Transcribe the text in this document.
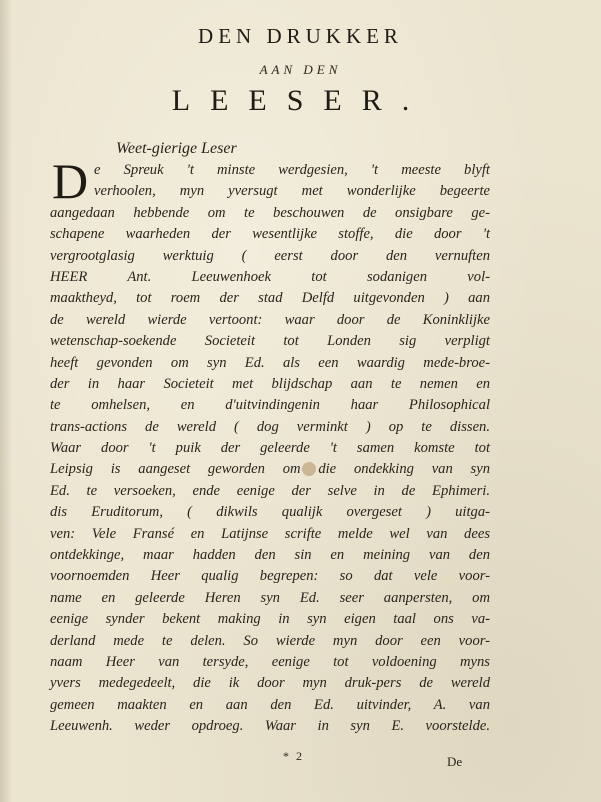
DEN DRUKKER
AAN DEN
LEESER.
Weet-gierige Leser
D e Spreuk 't minste werdgesien, 't meeste blyft
verhoolen, myn yversugt met wonderlijke begeerte
aangedaan hebbende om te beschouwen de onsigbare ge-
schapene waarheden der wesentlijke stoffe, die door 't
vergrootglasig werktuig ( eerst door den vernuften
HEER Ant. Leeuwenhoek tot sodanigen vol-
maaktheyd, tot roem der stad Delfd uitgevonden ) aan
de wereld wierde vertoont: waar door de Koninklijke
wetenschap-soekende Societeit tot Londen sig verpligt
heeft gevonden om syn Ed. als een waardig mede-broe-
der in haar Societeit met blijdschap aan te nemen en
te omhelsen, en d'uitvindingenin haar Philosophical
trans-actions de wereld ( dog verminkt ) op te dissen.
Waar door 't puik der geleerde 't samen komste tot
Leipsig is aangeset geworden om die ondekking van syn
Ed. te versoeken, ende eenige der selve in de Ephimeri.
dis Eruditorum, ( dikwils qualijk overgeset ) uitga-
ven: Vele Fransé en Latijnse scrifte melde wel van dees
ontdekkinge, maar hadden den sin en meining van den
voornoemden Heer qualig begrepen: so dat vele voor-
name en geleerde Heren syn Ed. seer aanpersten, om
eenige synder bekent making in syn eigen taal ons va-
derland mede te delen. So wierde myn door een voor-
naam Heer van tersyde, eenige tot voldoening myns
yvers medegedeelt, die ik door myn druk-pers de wereld
gemeen maakten en aan den Ed. uitvinder, A. van
Leeuwenh. weder opdroeg. Waar in syn E. voorstelde.
* 2	De
